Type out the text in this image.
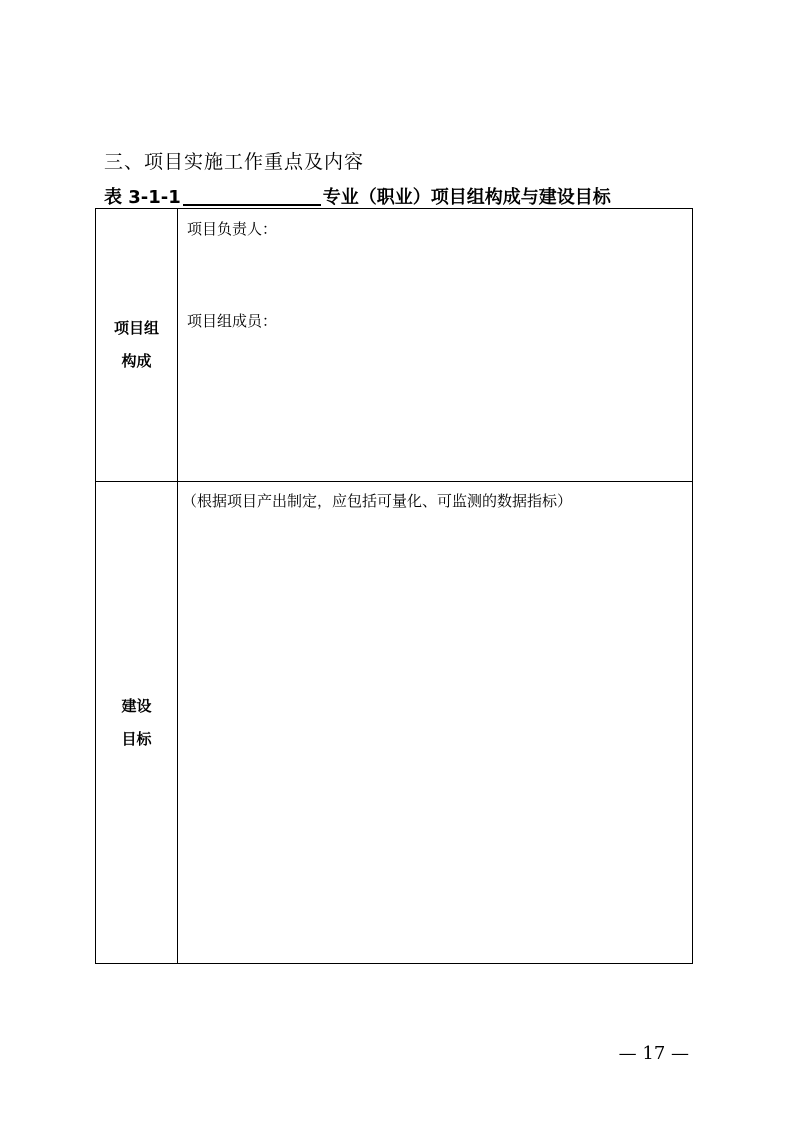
三、项目实施工作重点及内容
表 3-1-1	专业（职业）项目组构成与建设目标
项目组
构成
项目负责人：
项目组成员：
建设
目标
（根据项目产出制定，应包括可量化、可监测的数据指标）
— 17 —
